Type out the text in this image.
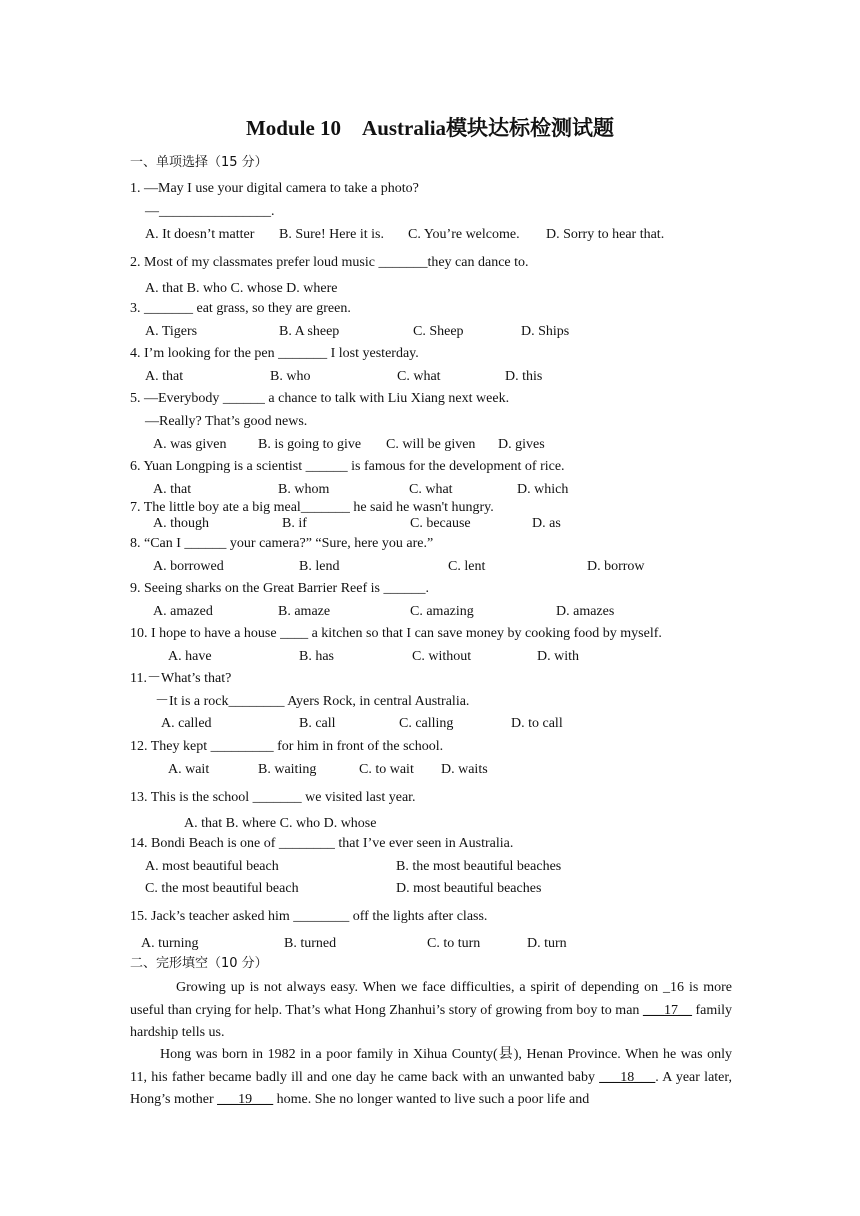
Module 10　Australia模块达标检测试题

一、单项选择（15 分）

1. —May I use your digital camera to take a photo?

—________________.

A. It doesn’t matter B. Sure! Here it is. C. You’re welcome. D. Sorry to hear that.

2. Most of my classmates prefer loud music _______they can dance to.

A. that B. who C. whose D. where

3. _______ eat grass, so they are green.

A. Tigers	B. A sheep	C. Sheep	D. Ships

4. I’m looking for the pen _______ I lost yesterday.

A. that	B. who	C. what	D. this

5. —Everybody ______ a chance to talk with Liu Xiang next week.

—Really? That’s good news.

A. was given B. is going to give C. will be given D. gives

6. Yuan Longping is a scientist ______ is famous for the development of rice.

A. that	B. whom	C. what	D. which

7. The little boy ate a big meal_______ he said he wasn't hungry.

A. though	B. if	C. because	D. as

8. “Can I ______ your camera?” “Sure, here you are.”

A. borrowed	B. lend	C. lent	D. borrow

9. Seeing sharks on the Great Barrier Reef is ______.

A. amazed	B. amaze	C. amazing	D. amazes

10. I hope to have a house ____ a kitchen so that I can save money by cooking food by myself.

A. have	B. has	C. without	D. with

11.－What’s that?

－It is a rock________ Ayers Rock, in central Australia.

A. called	B. call	C. calling	D. to call

12. They kept _________ for him in front of the school.

A. wait	B. waiting	C. to wait D. waits

13. This is the school _______ we visited last year.

A. that B. where C. who D. whose

14. Bondi Beach is one of ________ that I’ve ever seen in Australia.

A. most beautiful beach	B. the most beautiful beaches

C. the most beautiful beach	D. most beautiful beaches

15. Jack’s teacher asked him ________ off the lights after class.

A. turning	B. turned	C. to turn	D. turn

二、完形填空（10 分）

Growing up is not always easy. When we face difficulties, a spirit of depending on _16 is more useful than crying for help. That’s what Hong Zhanhui’s story of growing from boy to man ___17__ family hardship tells us.

Hong was born in 1982 in a poor family in Xihua County(县), Henan Province. When he was only 11, his father became badly ill and one day he came back with an unwanted baby ___18___. A year later, Hong’s mother ___19___ home. She no longer wanted to live such a poor life and
